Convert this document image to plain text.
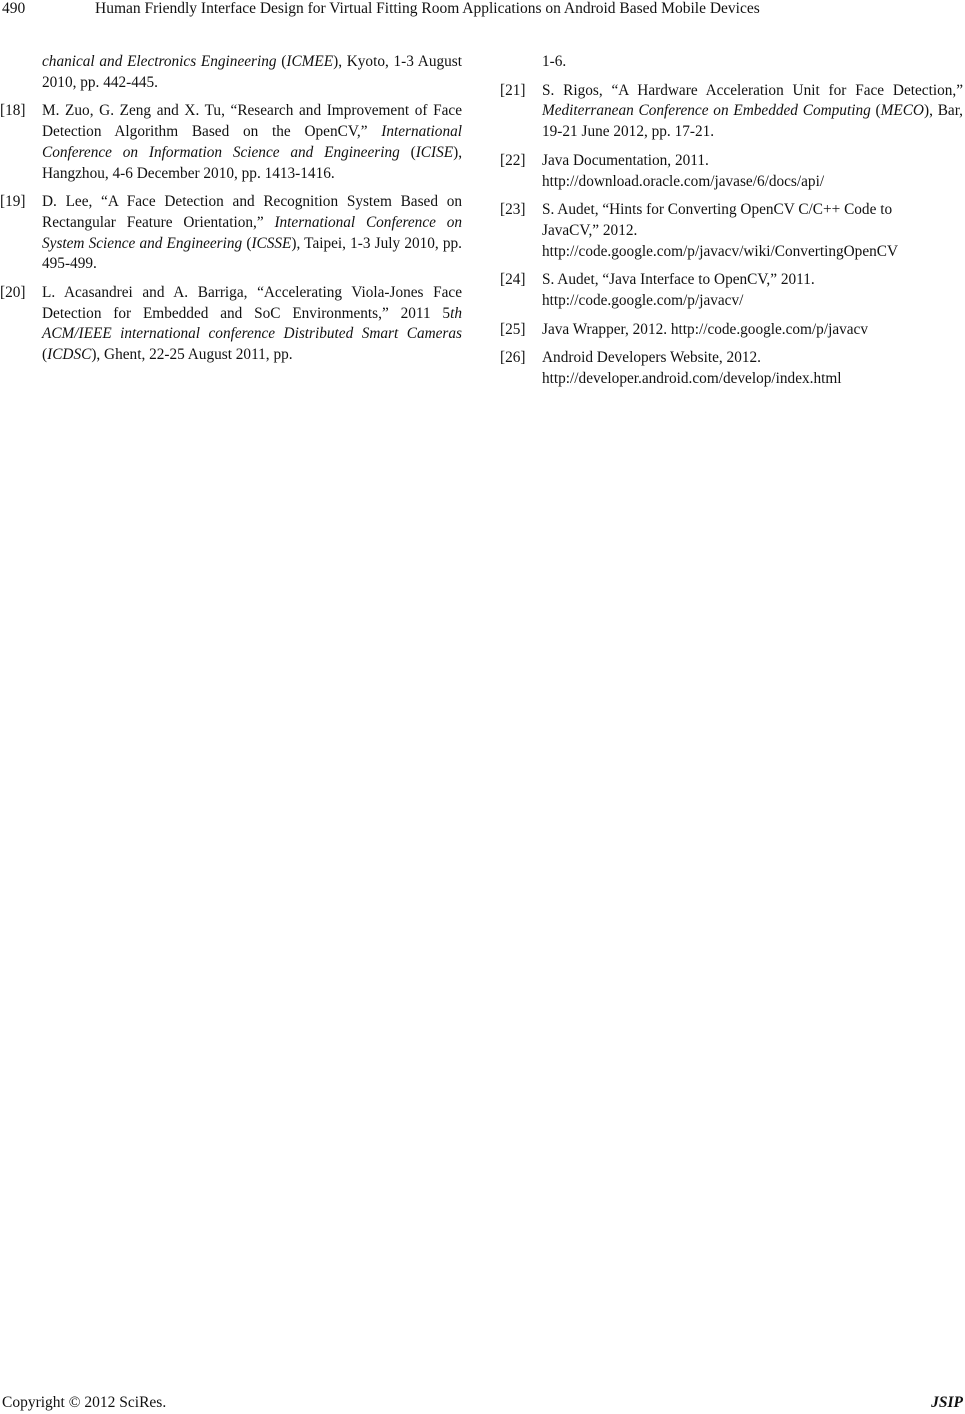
490	Human Friendly Interface Design for Virtual Fitting Room Applications on Android Based Mobile Devices
chanical and Electronics Engineering (ICMEE), Kyoto, 1-3 August 2010, pp. 442-445.
[18] M. Zuo, G. Zeng and X. Tu, “Research and Improvement of Face Detection Algorithm Based on the OpenCV,” International Conference on Information Science and Engineering (ICISE), Hangzhou, 4-6 December 2010, pp. 1413-1416.
[19] D. Lee, “A Face Detection and Recognition System Based on Rectangular Feature Orientation,” International Conference on System Science and Engineering (ICSSE), Taipei, 1-3 July 2010, pp. 495-499.
[20] L. Acasandrei and A. Barriga, “Accelerating Viola-Jones Face Detection for Embedded and SoC Environments,” 2011 5th ACM/IEEE international conference Distributed Smart Cameras (ICDSC), Ghent, 22-25 August 2011, pp.
1-6.
[21] S. Rigos, “A Hardware Acceleration Unit for Face Detection,” Mediterranean Conference on Embedded Computing (MECO), Bar, 19-21 June 2012, pp. 17-21.
[22] Java Documentation, 2011.
http://download.oracle.com/javase/6/docs/api/
[23] S. Audet, “Hints for Converting OpenCV C/C++ Code to
JavaCV,” 2012.
http://code.google.com/p/javacv/wiki/ConvertingOpenCV
[24] S. Audet, “Java Interface to OpenCV,” 2011.
http://code.google.com/p/javacv/
[25] Java Wrapper, 2012. http://code.google.com/p/javacv
[26] Android Developers Website, 2012.
http://developer.android.com/develop/index.html
Copyright © 2012 SciRes.	JSIP
